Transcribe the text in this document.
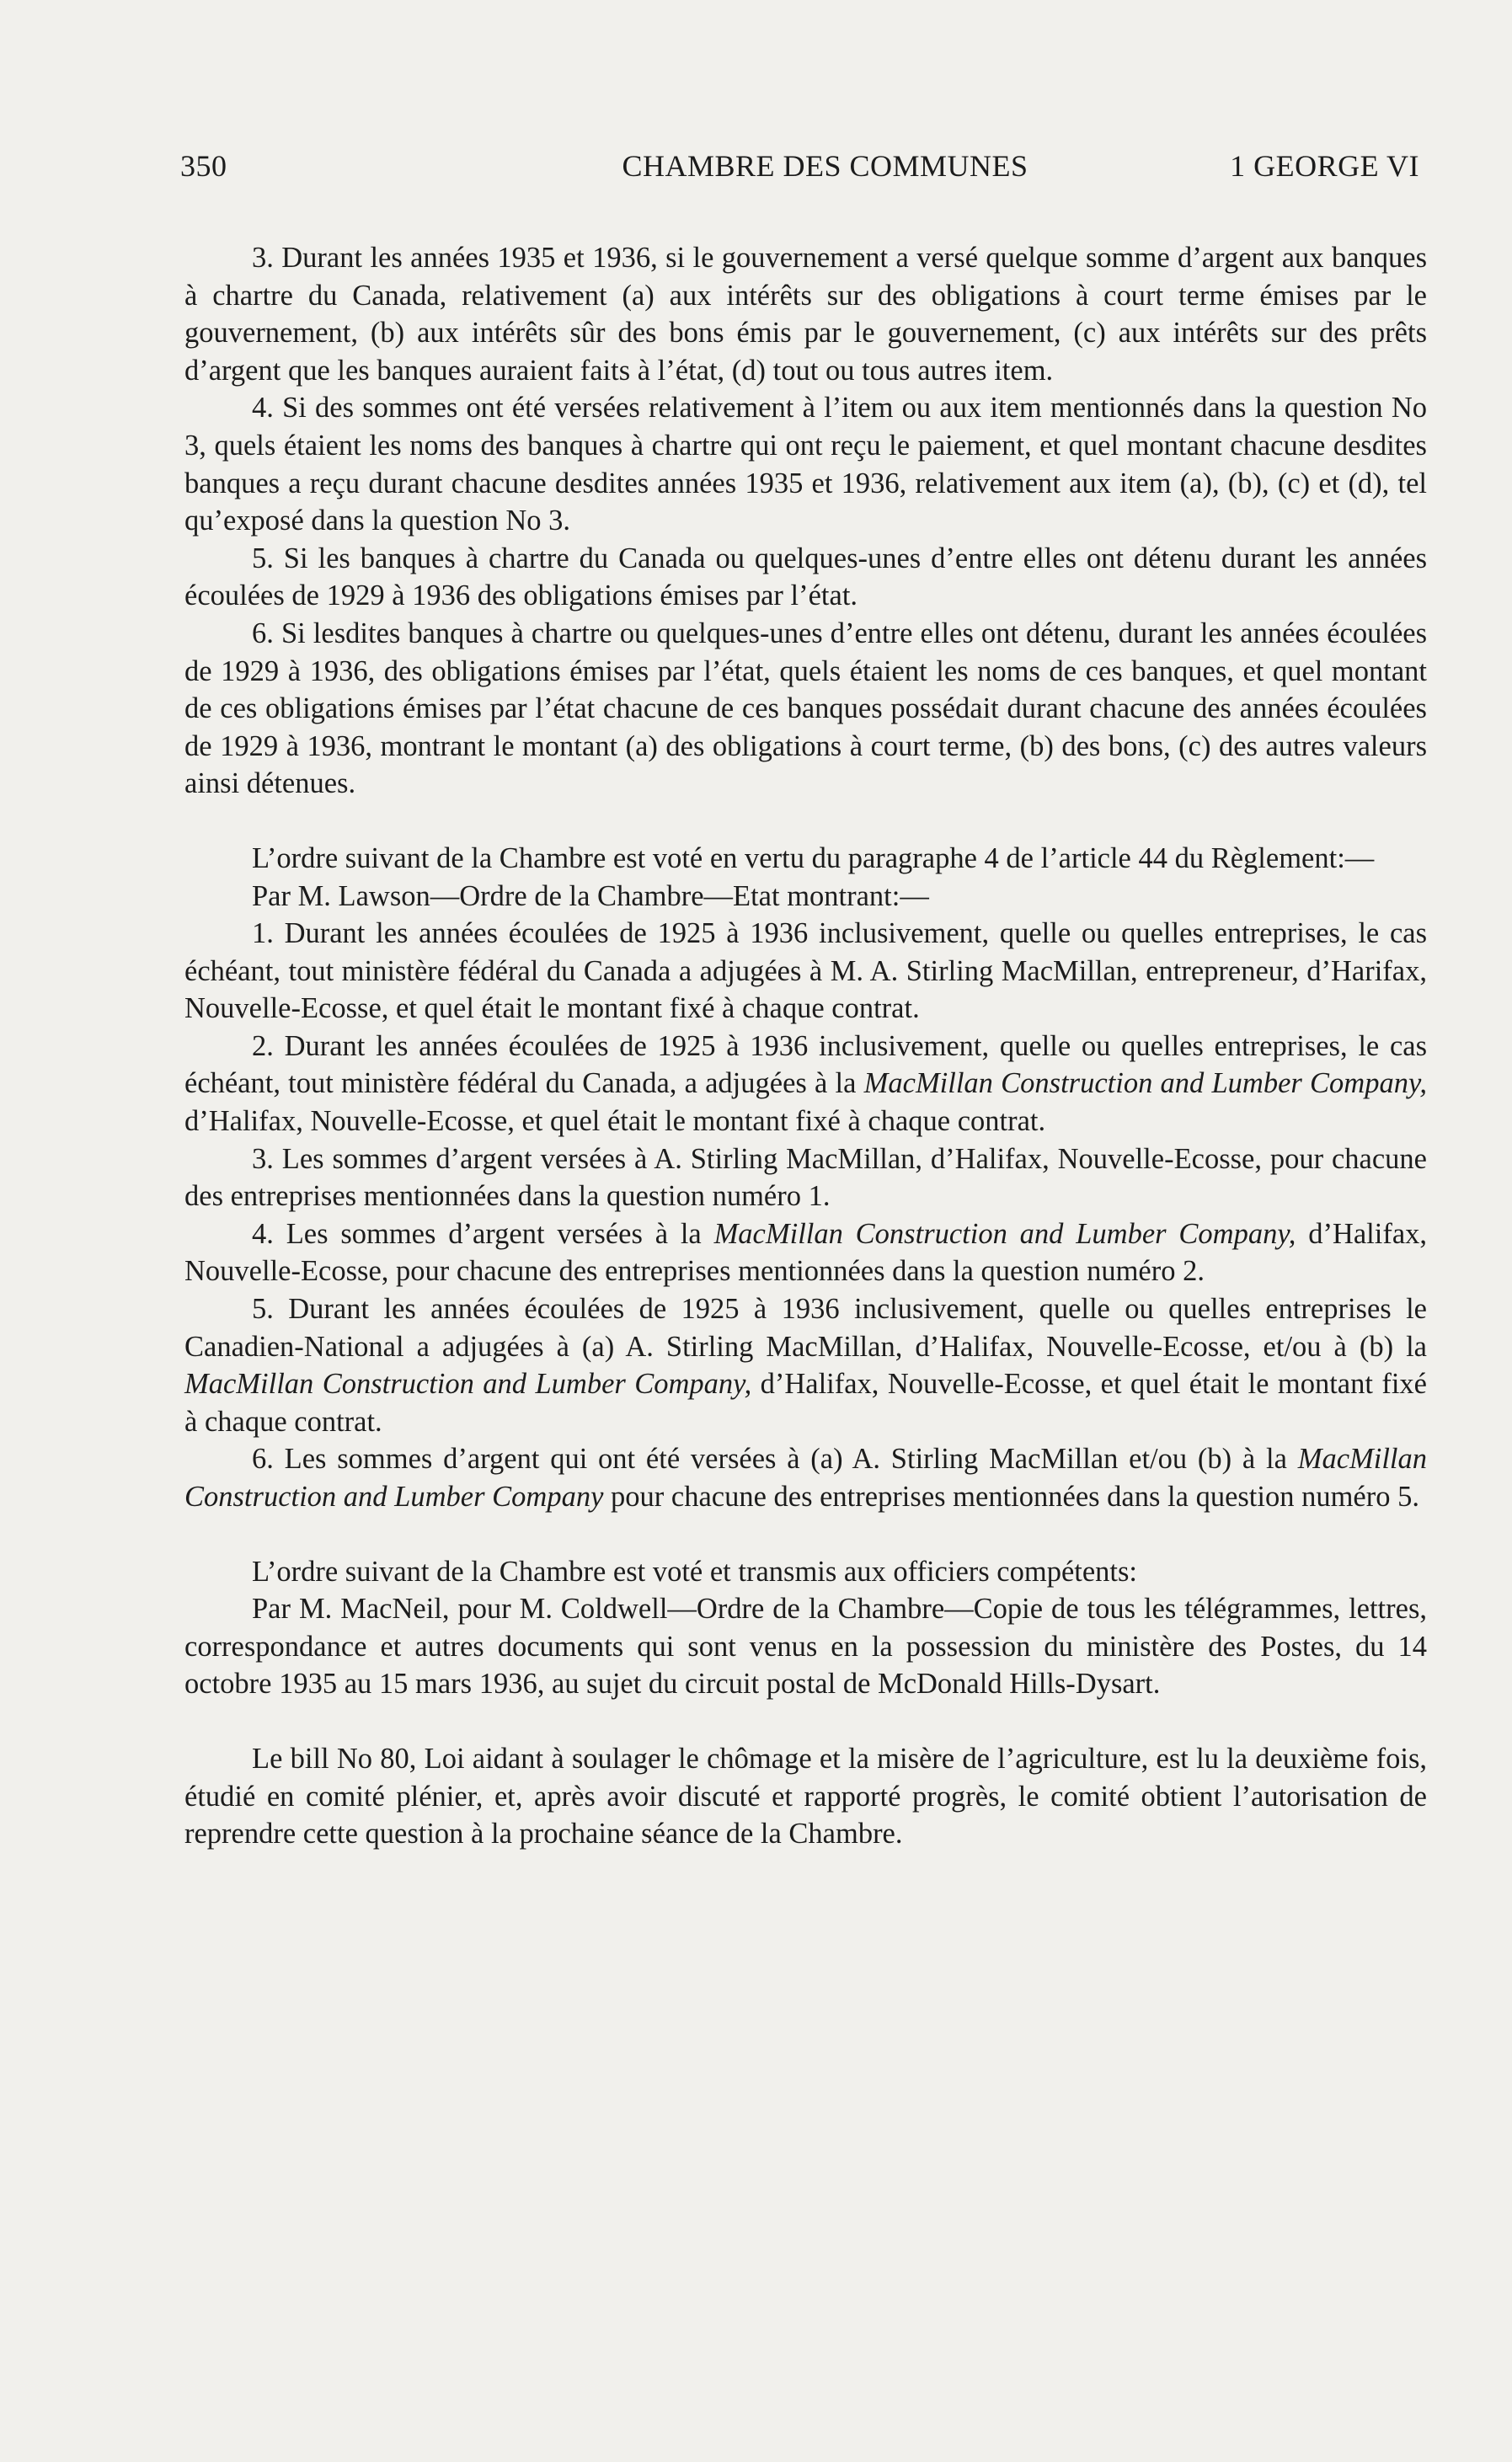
350	CHAMBRE DES COMMUNES	1 GEORGE VI

3. Durant les années 1935 et 1936, si le gouvernement a versé quelque somme d’argent aux banques à chartre du Canada, relativement (a) aux intérêts sur des obligations à court terme émises par le gouvernement, (b) aux intérêts sûr des bons émis par le gouvernement, (c) aux intérêts sur des prêts d’argent que les banques auraient faits à l’état, (d) tout ou tous autres item.

4. Si des sommes ont été versées relativement à l’item ou aux item mentionnés dans la question No 3, quels étaient les noms des banques à chartre qui ont reçu le paiement, et quel montant chacune desdites banques a reçu durant chacune desdites années 1935 et 1936, relativement aux item (a), (b), (c) et (d), tel qu’exposé dans la question No 3.

5. Si les banques à chartre du Canada ou quelques-unes d’entre elles ont détenu durant les années écoulées de 1929 à 1936 des obligations émises par l’état.

6. Si lesdites banques à chartre ou quelques-unes d’entre elles ont détenu, durant les années écoulées de 1929 à 1936, des obligations émises par l’état, quels étaient les noms de ces banques, et quel montant de ces obligations émises par l’état chacune de ces banques possédait durant chacune des années écoulées de 1929 à 1936, montrant le montant (a) des obligations à court terme, (b) des bons, (c) des autres valeurs ainsi détenues.

L’ordre suivant de la Chambre est voté en vertu du paragraphe 4 de l’article 44 du Règlement:—

Par M. Lawson—Ordre de la Chambre—Etat montrant:—

1. Durant les années écoulées de 1925 à 1936 inclusivement, quelle ou quelles entreprises, le cas échéant, tout ministère fédéral du Canada a adjugées à M. A. Stirling MacMillan, entrepreneur, d’Harifax, Nouvelle-Ecosse, et quel était le montant fixé à chaque contrat.

2. Durant les années écoulées de 1925 à 1936 inclusivement, quelle ou quelles entreprises, le cas échéant, tout ministère fédéral du Canada, a adjugées à la MacMillan Construction and Lumber Company, d’Halifax, Nouvelle-Ecosse, et quel était le montant fixé à chaque contrat.

3. Les sommes d’argent versées à A. Stirling MacMillan, d’Halifax, Nouvelle-Ecosse, pour chacune des entreprises mentionnées dans la question numéro 1.

4. Les sommes d’argent versées à la MacMillan Construction and Lumber Company, d’Halifax, Nouvelle-Ecosse, pour chacune des entreprises mentionnées dans la question numéro 2.

5. Durant les années écoulées de 1925 à 1936 inclusivement, quelle ou quelles entreprises le Canadien-National a adjugées à (a) A. Stirling MacMillan, d’Halifax, Nouvelle-Ecosse, et/ou à (b) la MacMillan Construction and Lumber Company, d’Halifax, Nouvelle-Ecosse, et quel était le montant fixé à chaque contrat.

6. Les sommes d’argent qui ont été versées à (a) A. Stirling MacMillan et/ou (b) à la MacMillan Construction and Lumber Company pour chacune des entreprises mentionnées dans la question numéro 5.

L’ordre suivant de la Chambre est voté et transmis aux officiers compétents:

Par M. MacNeil, pour M. Coldwell—Ordre de la Chambre—Copie de tous les télégrammes, lettres, correspondance et autres documents qui sont venus en la possession du ministère des Postes, du 14 octobre 1935 au 15 mars 1936, au sujet du circuit postal de McDonald Hills-Dysart.

Le bill No 80, Loi aidant à soulager le chômage et la misère de l’agriculture, est lu la deuxième fois, étudié en comité plénier, et, après avoir discuté et rapporté progrès, le comité obtient l’autorisation de reprendre cette question à la prochaine séance de la Chambre.
